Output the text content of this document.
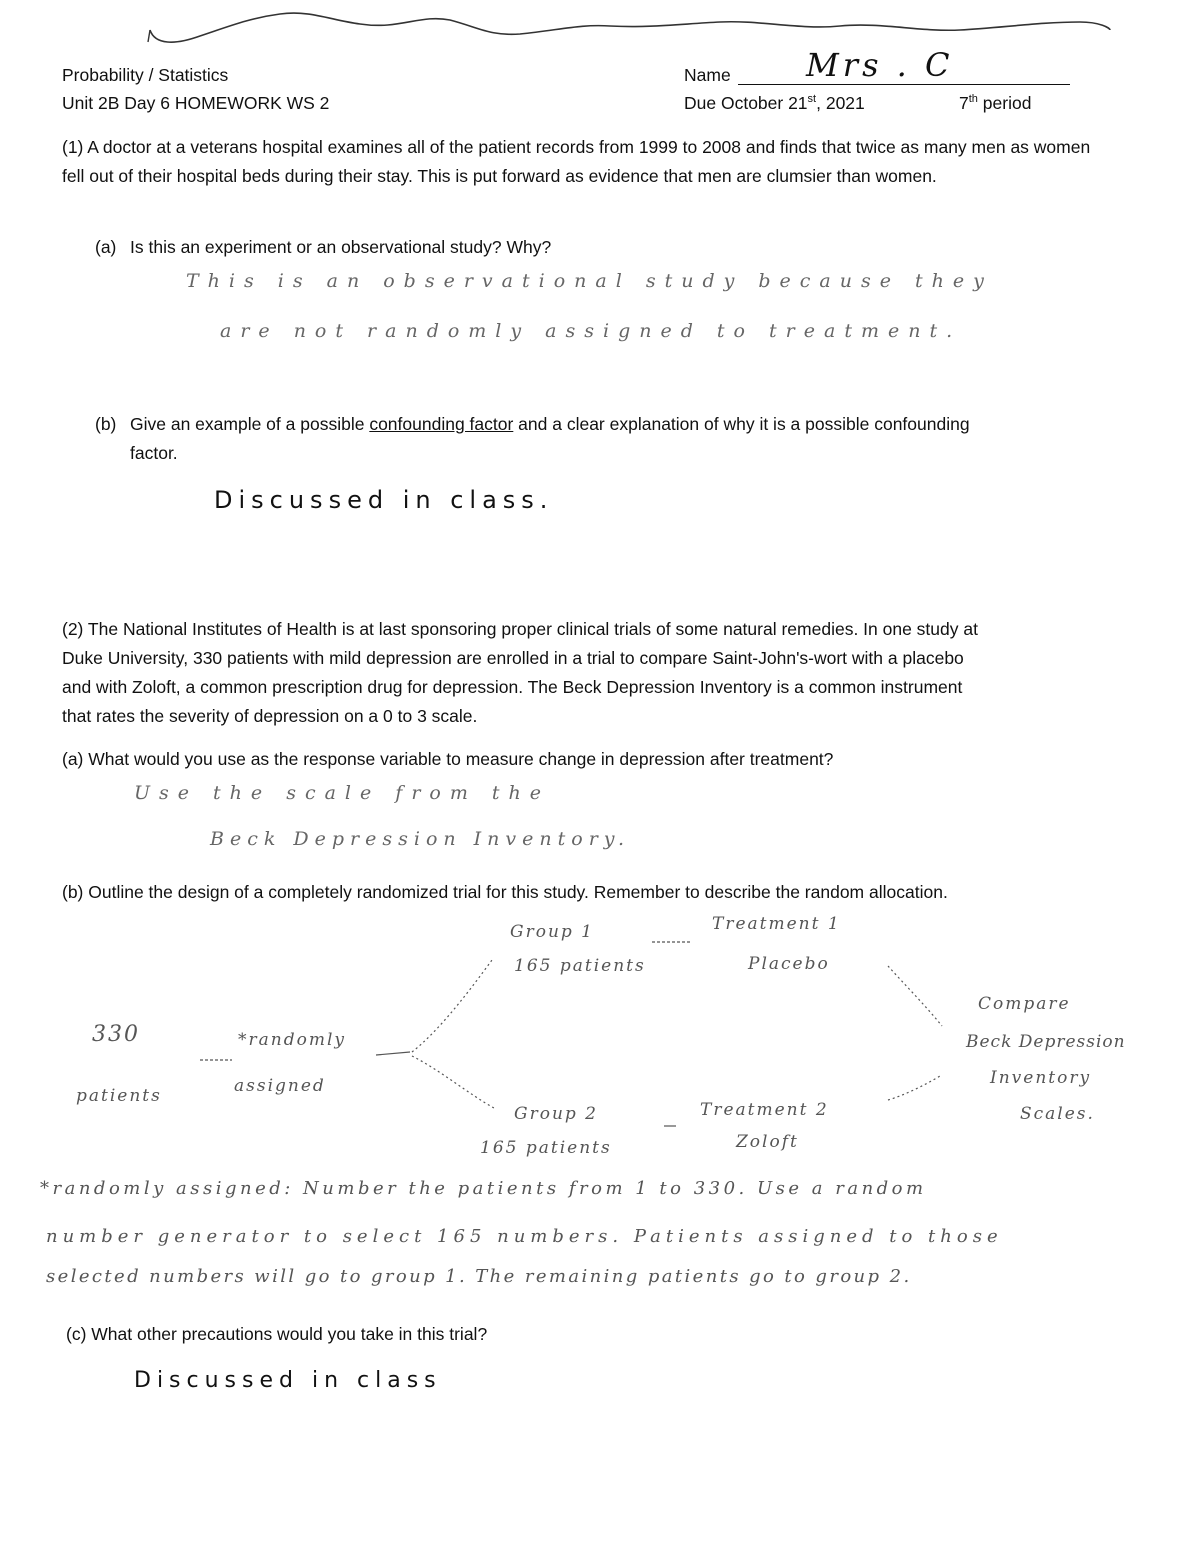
Probability / Statistics
Unit 2B Day 6 HOMEWORK WS 2
Name Mrs . C
Due October 21st, 2021	7th period
(1) A doctor at a veterans hospital examines all of the patient records from 1999 to 2008 and finds that twice as many men as women fell out of their hospital beds during their stay. This is put forward as evidence that men are clumsier than women.
(a) Is this an experiment or an observational study? Why?
This is an observational study because they
are not randomly assigned to treatment.
(b) Give an example of a possible confounding factor and a clear explanation of why it is a possible confounding
factor.
Discussed in class.
(2) The National Institutes of Health is at last sponsoring proper clinical trials of some natural remedies. In one study at
Duke University, 330 patients with mild depression are enrolled in a trial to compare Saint-John's-wort with a placebo
and with Zoloft, a common prescription drug for depression. The Beck Depression Inventory is a common instrument
that rates the severity of depression on a 0 to 3 scale.
(a) What would you use as the response variable to measure change in depression after treatment?
Use the scale from the
Beck Depression Inventory.
(b) Outline the design of a completely randomized trial for this study. Remember to describe the random allocation.
330
patients
*randomly
assigned
Group 1
165 patients
Treatment 1
Placebo
Group 2
165 patients
Treatment 2
Zoloft
Compare
Beck Depression
Inventory
Scales.
*randomly assigned: Number the patients from 1 to 330. Use a random
number generator to select 165 numbers. Patients assigned to those
selected numbers will go to group 1. The remaining patients go to group 2.
(c) What other precautions would you take in this trial?
Discussed in class
